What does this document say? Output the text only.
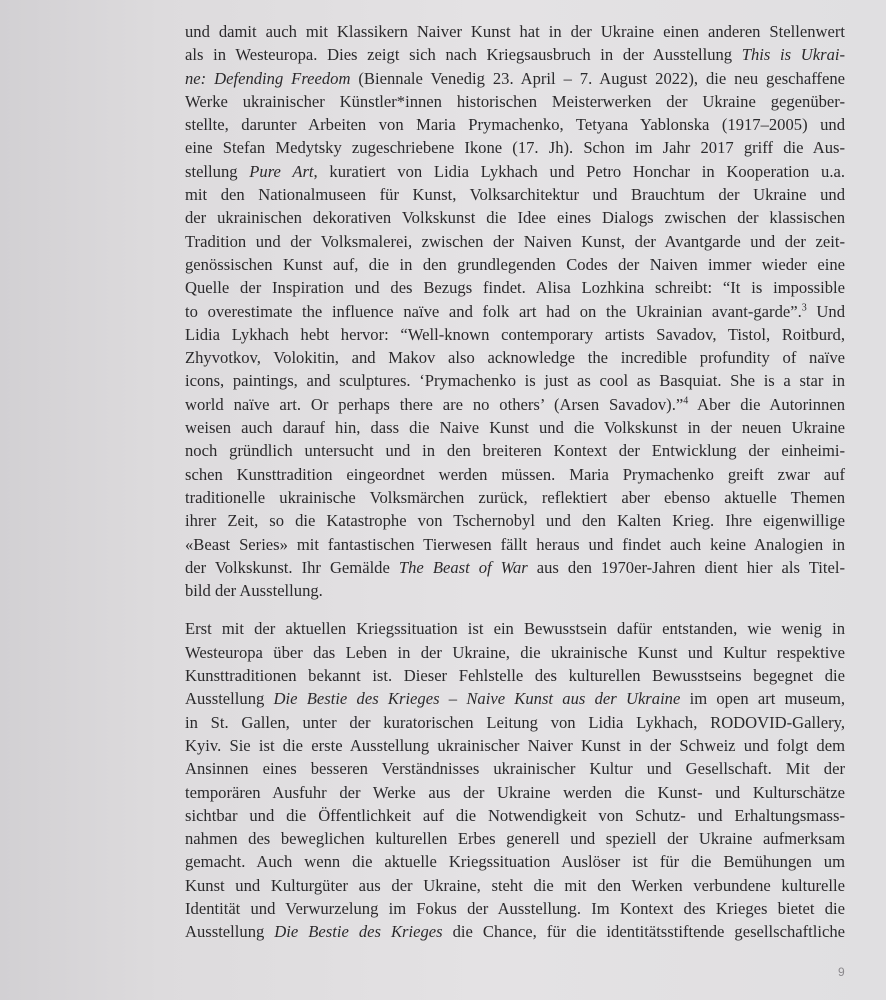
und damit auch mit Klassikern Naiver Kunst hat in der Ukraine einen anderen Stellenwert
als in Westeuropa. Dies zeigt sich nach Kriegsausbruch in der Ausstellung This is Ukrai-
ne: Defending Freedom (Biennale Venedig 23. April – 7. August 2022), die neu geschaffene
Werke ukrainischer Künstler*innen historischen Meisterwerken der Ukraine gegenüber-
stellte, darunter Arbeiten von Maria Prymachenko, Tetyana Yablonska (1917–2005) und
eine Stefan Medytsky zugeschriebene Ikone (17. Jh). Schon im Jahr 2017 griff die Aus-
stellung Pure Art, kuratiert von Lidia Lykhach und Petro Honchar in Kooperation u.a.
mit den Nationalmuseen für Kunst, Volksarchitektur und Brauchtum der Ukraine und
der ukrainischen dekorativen Volkskunst die Idee eines Dialogs zwischen der klassischen
Tradition und der Volksmalerei, zwischen der Naiven Kunst, der Avantgarde und der zeit-
genössischen Kunst auf, die in den grundlegenden Codes der Naiven immer wieder eine
Quelle der Inspiration und des Bezugs findet. Alisa Lozhkina schreibt: “It is impossible
to overestimate the influence naïve and folk art had on the Ukrainian avant-garde”.$^3$ Und
Lidia Lykhach hebt hervor: “Well-known contemporary artists Savadov, Tistol, Roitburd,
Zhyvotkov, Volokitin, and Makov also acknowledge the incredible profundity of naïve
icons, paintings, and sculptures. ‘Prymachenko is just as cool as Basquiat. She is a star in
world naïve art. Or perhaps there are no others’ (Arsen Savadov).”$^4$ Aber die Autorinnen
weisen auch darauf hin, dass die Naive Kunst und die Volkskunst in der neuen Ukraine
noch gründlich untersucht und in den breiteren Kontext der Entwicklung der einheimi-
schen Kunsttradition eingeordnet werden müssen. Maria Prymachenko greift zwar auf
traditionelle ukrainische Volksmärchen zurück, reflektiert aber ebenso aktuelle Themen
ihrer Zeit, so die Katastrophe von Tschernobyl und den Kalten Krieg. Ihre eigenwillige
«Beast Series» mit fantastischen Tierwesen fällt heraus und findet auch keine Analogien in
der Volkskunst. Ihr Gemälde The Beast of War aus den 1970er-Jahren dient hier als Titel-
bild der Ausstellung.
Erst mit der aktuellen Kriegssituation ist ein Bewusstsein dafür entstanden, wie wenig in
Westeuropa über das Leben in der Ukraine, die ukrainische Kunst und Kultur respektive
Kunsttraditionen bekannt ist. Dieser Fehlstelle des kulturellen Bewusstseins begegnet die
Ausstellung Die Bestie des Krieges – Naive Kunst aus der Ukraine im open art museum,
in St. Gallen, unter der kuratorischen Leitung von Lidia Lykhach, RODOVID-Gallery,
Kyiv. Sie ist die erste Ausstellung ukrainischer Naiver Kunst in der Schweiz und folgt dem
Ansinnen eines besseren Verständnisses ukrainischer Kultur und Gesellschaft. Mit der
temporären Ausfuhr der Werke aus der Ukraine werden die Kunst- und Kulturschätze
sichtbar und die Öffentlichkeit auf die Notwendigkeit von Schutz- und Erhaltungsmass-
nahmen des beweglichen kulturellen Erbes generell und speziell der Ukraine aufmerksam
gemacht. Auch wenn die aktuelle Kriegssituation Auslöser ist für die Bemühungen um
Kunst und Kulturgüter aus der Ukraine, steht die mit den Werken verbundene kulturelle
Identität und Verwurzelung im Fokus der Ausstellung. Im Kontext des Krieges bietet die
Ausstellung Die Bestie des Krieges die Chance, für die identitätsstiftende gesellschaftliche
9
